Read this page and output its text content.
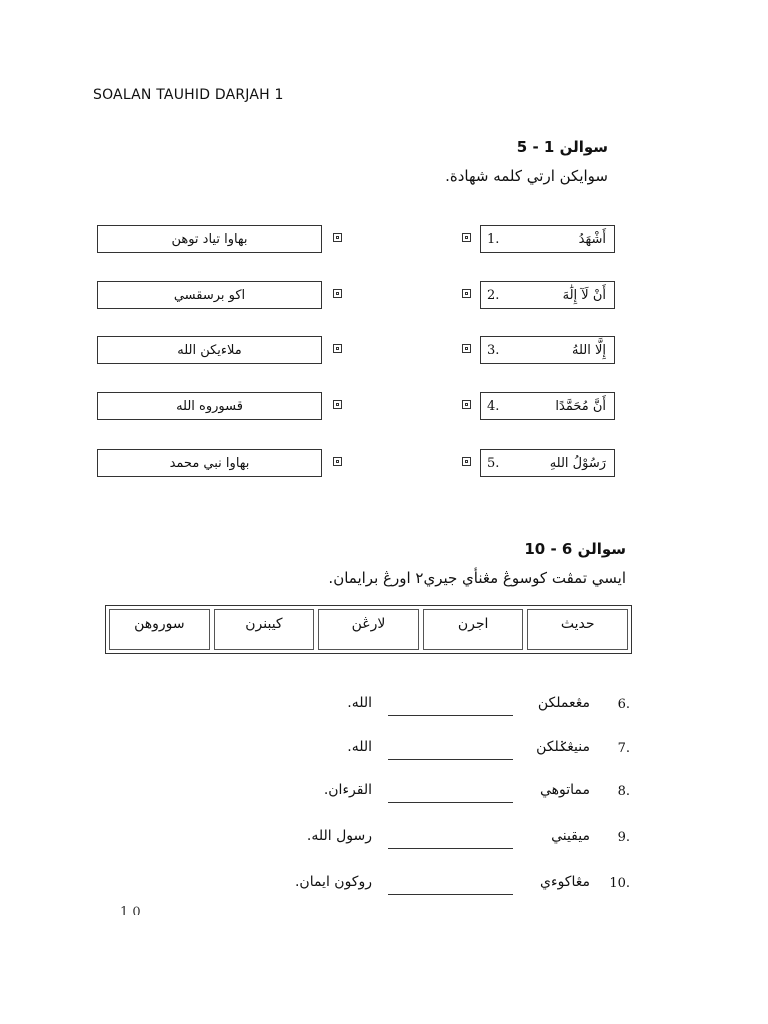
SOALAN TAUHID DARJAH 1
سوالن 1 - 5
سوايكن ارتي كلمه شهادة.
1.	أَشْهَدُ
بهاوا تياد توهن
2.	أَنْ لَآ إِلَٰهَ
اكو برسقسي
3.	إِلَّا اللهُ
ملاءيكن الله
4.	أَنَّ مُحَمَّدًا
قسوروه الله
5.	رَسُوْلُ اللهِ
بهاوا نبي محمد
سوالن 6 - 10
ايسي تمڤت كوسوڠ مڠنأي جيري٢ اورڠ برايمان.
حديث
اجرن
لارڠن
كيبنرن
سوروهن
6.
مڠعملكن
الله.
7.
منيڠݢلكن
الله.
8.
مماتوهي
القرءان.
9.
ميقيني
رسول الله.
10.
مڠاكوءي
روكون ايمان.
1 0
